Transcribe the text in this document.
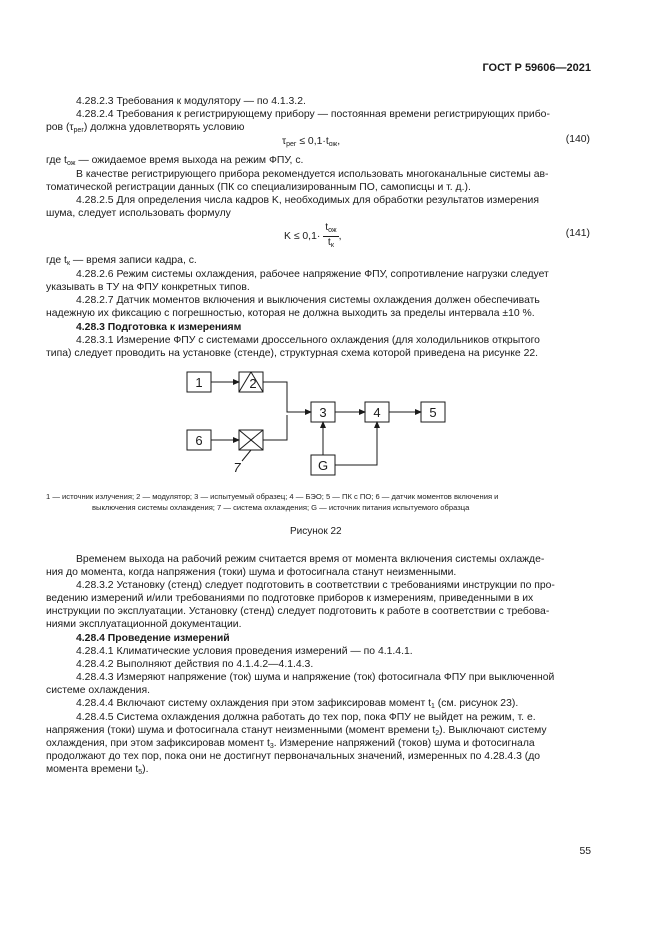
ГОСТ Р 59606—2021
4.28.2.3 Требования к модулятору — по 4.1.3.2.
4.28.2.4 Требования к регистрирующему прибору — постоянная времени регистрирующих прибо-
ров $(\tau_{рег})$ должна удовлетворять условию
$\tau_{рег} \le 0,1\cdot t_{ож}$,	(140)
где $t_{ож}$ — ожидаемое время выхода на режим ФПУ, с.
В качестве регистрирующего прибора рекомендуется использовать многоканальные системы ав-
томатической регистрации данных (ПК со специализированным ПО, самописцы и т. д.).
4.28.2.5 Для определения числа кадров K, необходимых для обработки результатов измерения
шума, следует использовать формулу
$K \le 0,1\cdot \frac{t_{ож}}{t_к}$ ,	(141)
где $t_к$ — время записи кадра, с.
4.28.2.6 Режим системы охлаждения, рабочее напряжение ФПУ, сопротивление нагрузки следует
указывать в ТУ на ФПУ конкретных типов.
4.28.2.7 Датчик моментов включения и выключения системы охлаждения должен обеспечивать
надежную их фиксацию с погрешностью, которая не должна выходить за пределы интервала ±10 %.
4.28.3 Подготовка к измерениям
4.28.3.1 Измерение ФПУ с системами дроссельного охлаждения (для холодильников открытого
типа) следует проводить на установке (стенде), структурная схема которой приведена на рисунке 22.
1	2
3	4	5
6
7	G
1 — источник излучения; 2 — модулятор; 3 — испытуемый образец; 4 — БЭО; 5 — ПК с ПО; 6 — датчик моментов включения и
выключения системы охлаждения; 7 — система охлаждения; G — источник питания испытуемого образца
Рисунок 22
Временем выхода на рабочий режим считается время от момента включения системы охлажде-
ния до момента, когда напряжения (токи) шума и фотосигнала станут неизменными.
4.28.3.2 Установку (стенд) следует подготовить в соответствии с требованиями инструкции по про-
ведению измерений и/или требованиями по подготовке приборов к измерениям, приведенными в их
инструкции по эксплуатации. Установку (стенд) следует подготовить к работе в соответствии с требова-
ниями эксплуатационной документации.
4.28.4 Проведение измерений
4.28.4.1 Климатические условия проведения измерений — по 4.1.4.1.
4.28.4.2 Выполняют действия по 4.1.4.2—4.1.4.3.
4.28.4.3 Измеряют напряжение (ток) шума и напряжение (ток) фотосигнала ФПУ при выключенной
системе охлаждения.
4.28.4.4 Включают систему охлаждения при этом зафиксировав момент $t_1$ (см. рисунок 23).
4.28.4.5 Система охлаждения должна работать до тех пор, пока ФПУ не выйдет на режим, т. е.
напряжения (токи) шума и фотосигнала станут неизменными (момент времени $t_2$). Выключают систему
охлаждения, при этом зафиксировав момент $t_3$. Измерение напряжений (токов) шума и фотосигнала
продолжают до тех пор, пока они не достигнут первоначальных значений, измеренных по 4.28.4.3 (до
момента времени $t_5$).
55
